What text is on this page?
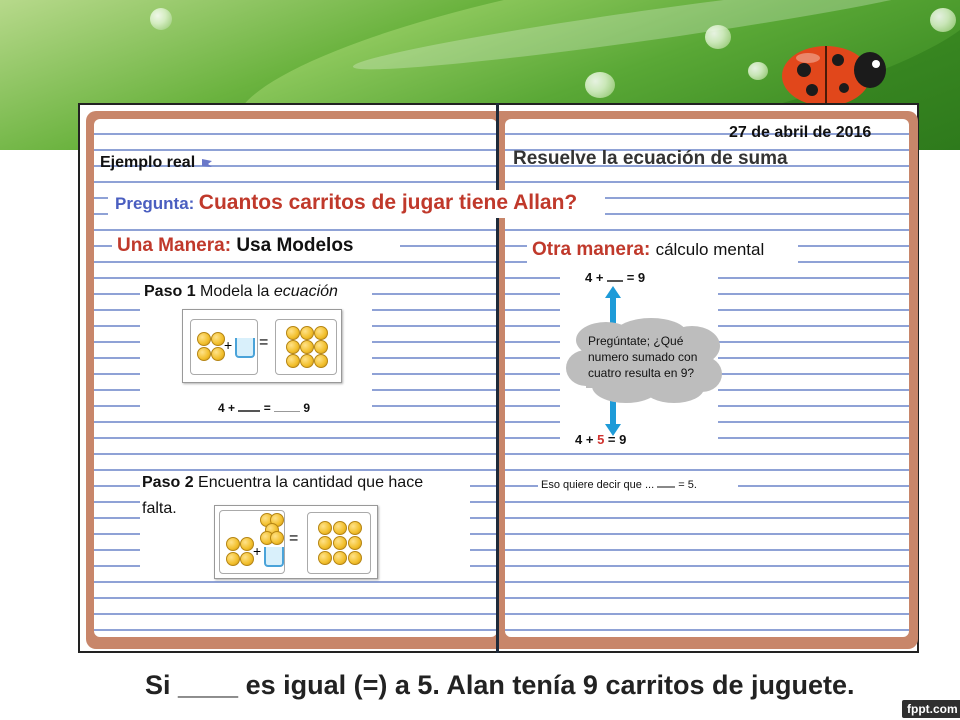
27 de abril de 2016
Ejemplo real	Resuelve la ecuación de suma
Pregunta: Cuantos carritos de jugar tiene Allan?
Una Manera: Usa Modelos
Paso 1 Modela la ecuación
+ =
4 + =	9
Paso 2 Encuentra la cantidad que hace
falta.
+
=
Otra manera: cálculo mental
4 + = 9
Pregúntate; ¿Qué
numero sumado con
cuatro resulta en 9?
4 + 5 = 9
Eso quiere decir que ... = 5.
Si ____ es igual (=) a 5. Alan tenía 9 carritos de juguete.
fppt.com
